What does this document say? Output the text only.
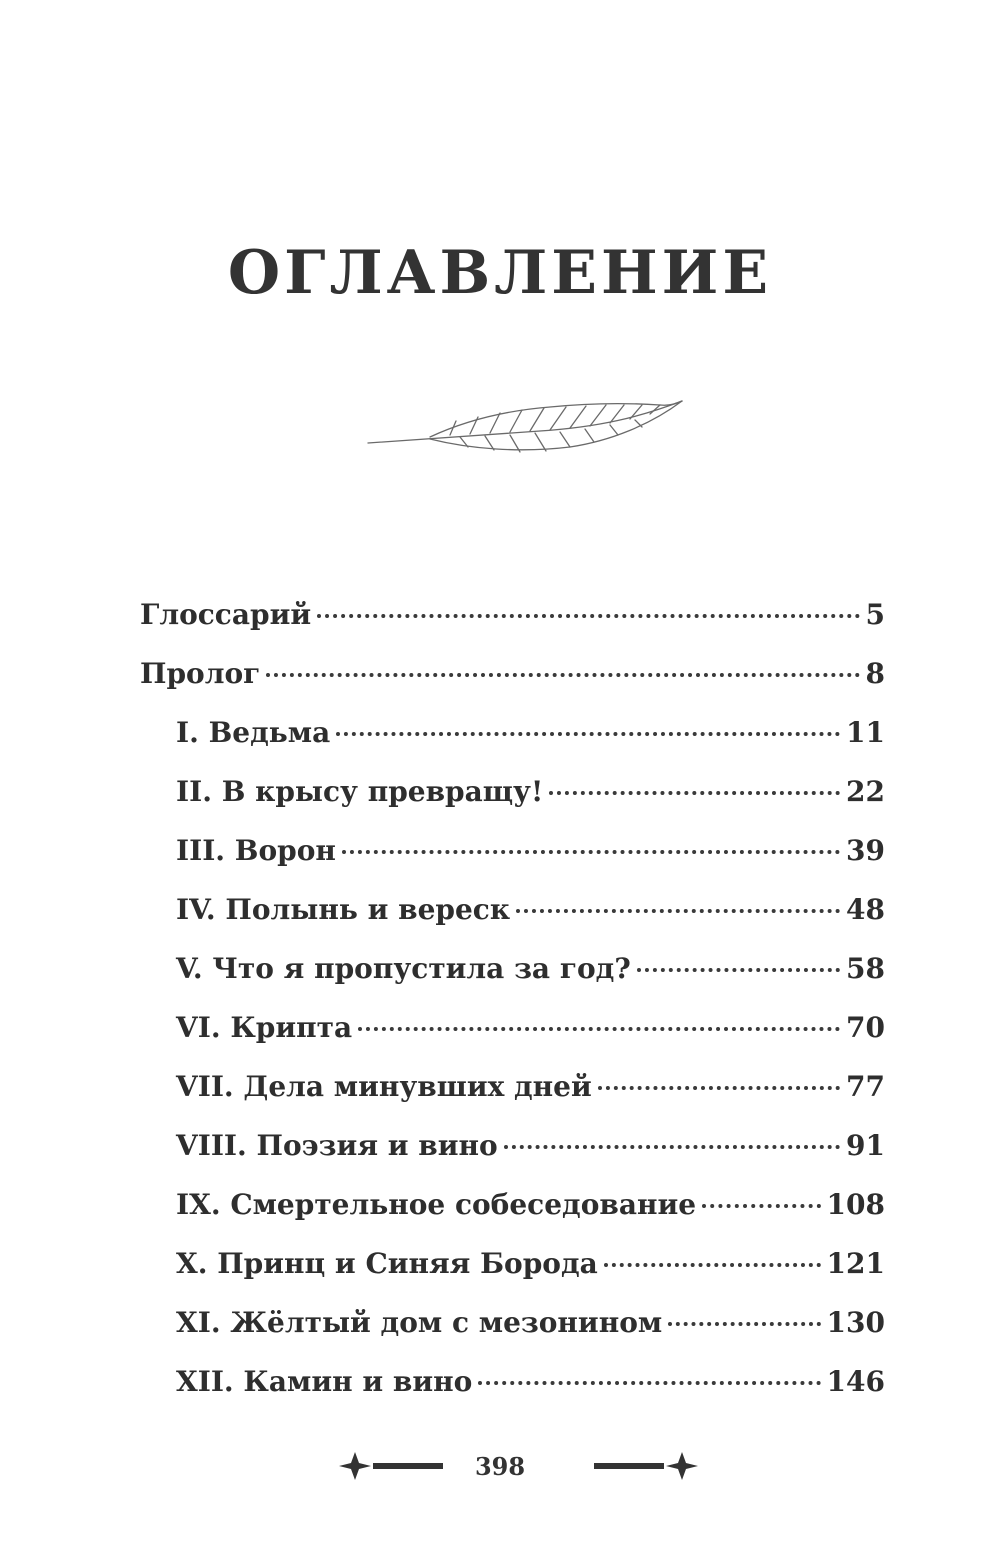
ОГЛАВЛЕНИЕ
Глоссарий	5
Пролог	8
I. Ведьма	11
II. В крысу превращу!	22
III. Ворон	39
IV. Полынь и вереск	48
V. Что я пропустила за год?	58
VI. Крипта	70
VII. Дела минувших дней	77
VIII. Поэзия и вино	91
IX. Смертельное собеседование	108
X. Принц и Синяя Борода	121
XI. Жёлтый дом с мезонином	130
XII. Камин и вино	146
398
